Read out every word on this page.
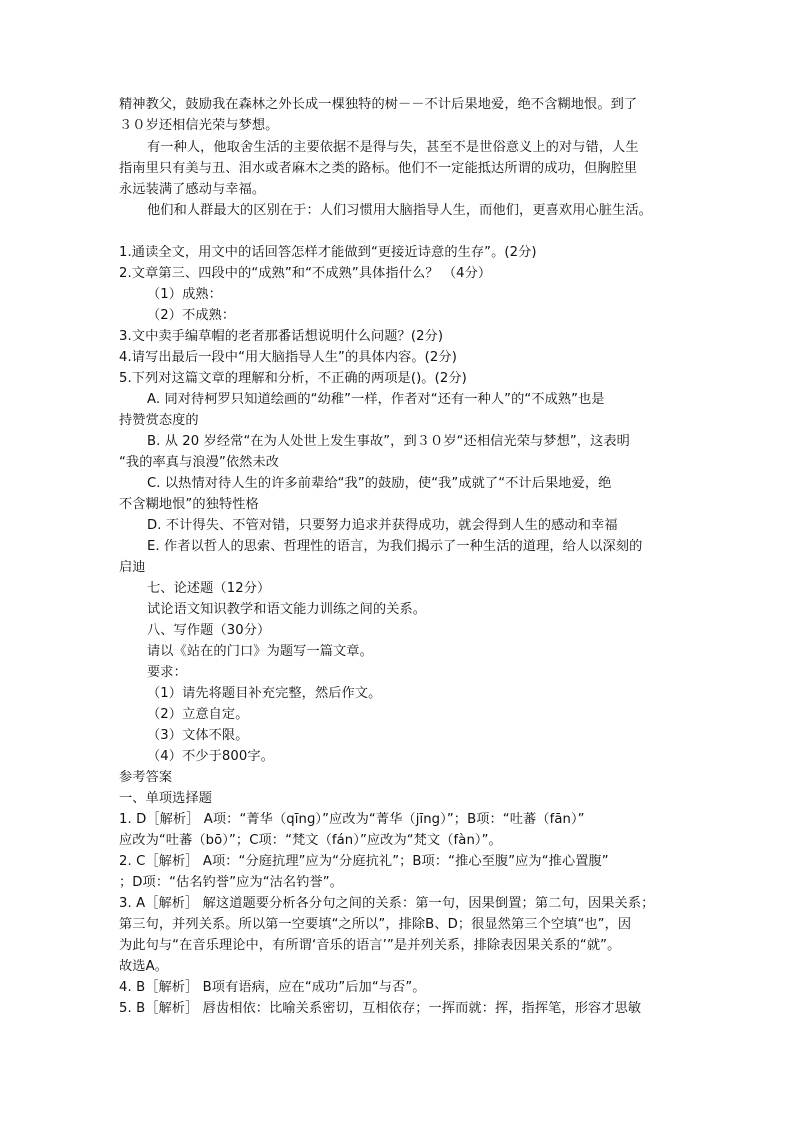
精神教父，鼓励我在森林之外长成一棵独特的树－－不计后果地爱，绝不含糊地恨。到了
３０岁还相信光荣与梦想。
有一种人，他取舍生活的主要依据不是得与失，甚至不是世俗意义上的对与错，人生
指南里只有美与丑、泪水或者麻木之类的路标。他们不一定能抵达所谓的成功，但胸腔里
永远装满了感动与幸福。
他们和人群最大的区别在于：人们习惯用大脑指导人生，而他们，更喜欢用心脏生活。
1.通读全文，用文中的话回答怎样才能做到“更接近诗意的生存”。(2分)
2.文章第三、四段中的“成熟”和“不成熟”具体指什么？ （4分）
（1）成熟：
（2）不成熟：
3.文中卖手编草帽的老者那番话想说明什么问题？(2分)
4.请写出最后一段中“用大脑指导人生”的具体内容。(2分)
5.下列对这篇文章的理解和分析，不正确的两项是()。(2分)
A. 同对待柯罗只知道绘画的“幼稚”一样，作者对“还有一种人”的“不成熟”也是
持赞赏态度的
B. 从 20 岁经常“在为人处世上发生事故”，到３０岁“还相信光荣与梦想”，这表明
“我的率真与浪漫”依然未改
C. 以热情对待人生的许多前辈给“我”的鼓励，使“我”成就了“不计后果地爱，绝
不含糊地恨”的独特性格
D. 不计得失、不管对错，只要努力追求并获得成功，就会得到人生的感动和幸福
E. 作者以哲人的思索、哲理性的语言，为我们揭示了一种生活的道理，给人以深刻的
启迪
七、论述题（12分）
试论语文知识教学和语文能力训练之间的关系。
八、写作题（30分）
请以《站在的门口》为题写一篇文章。
要求：
（1）请先将题目补充完整，然后作文。
（2）立意自定。
（3）文体不限。
（4）不少于800字。
参考答案
一、单项选择题
1. D［解析］ A项：“菁华（qīnɡ）”应改为“菁华（jīng）”；B项：“吐蕃（fān）”
应改为“吐蕃（bō）”；C项：“梵文（fán）”应改为“梵文（fàn）”。
2. C［解析］ A项：“分庭抗理”应为“分庭抗礼”；B项：“推心至腹”应为“推心置腹”
；D项：“估名钓誉”应为“沽名钓誉”。
3. A［解析］ 解这道题要分析各分句之间的关系：第一句，因果倒置；第二句，因果关系；
第三句，并列关系。所以第一空要填“之所以”，排除B、D；很显然第三个空填“也”，因
为此句与“在音乐理论中，有所谓‘音乐的语言’”是并列关系，排除表因果关系的“就”。
故选A。
4. B［解析］ B项有语病，应在“成功”后加“与否”。
5. B［解析］ 唇齿相依：比喻关系密切，互相依存；一挥而就：挥，指挥笔，形容才思敏
